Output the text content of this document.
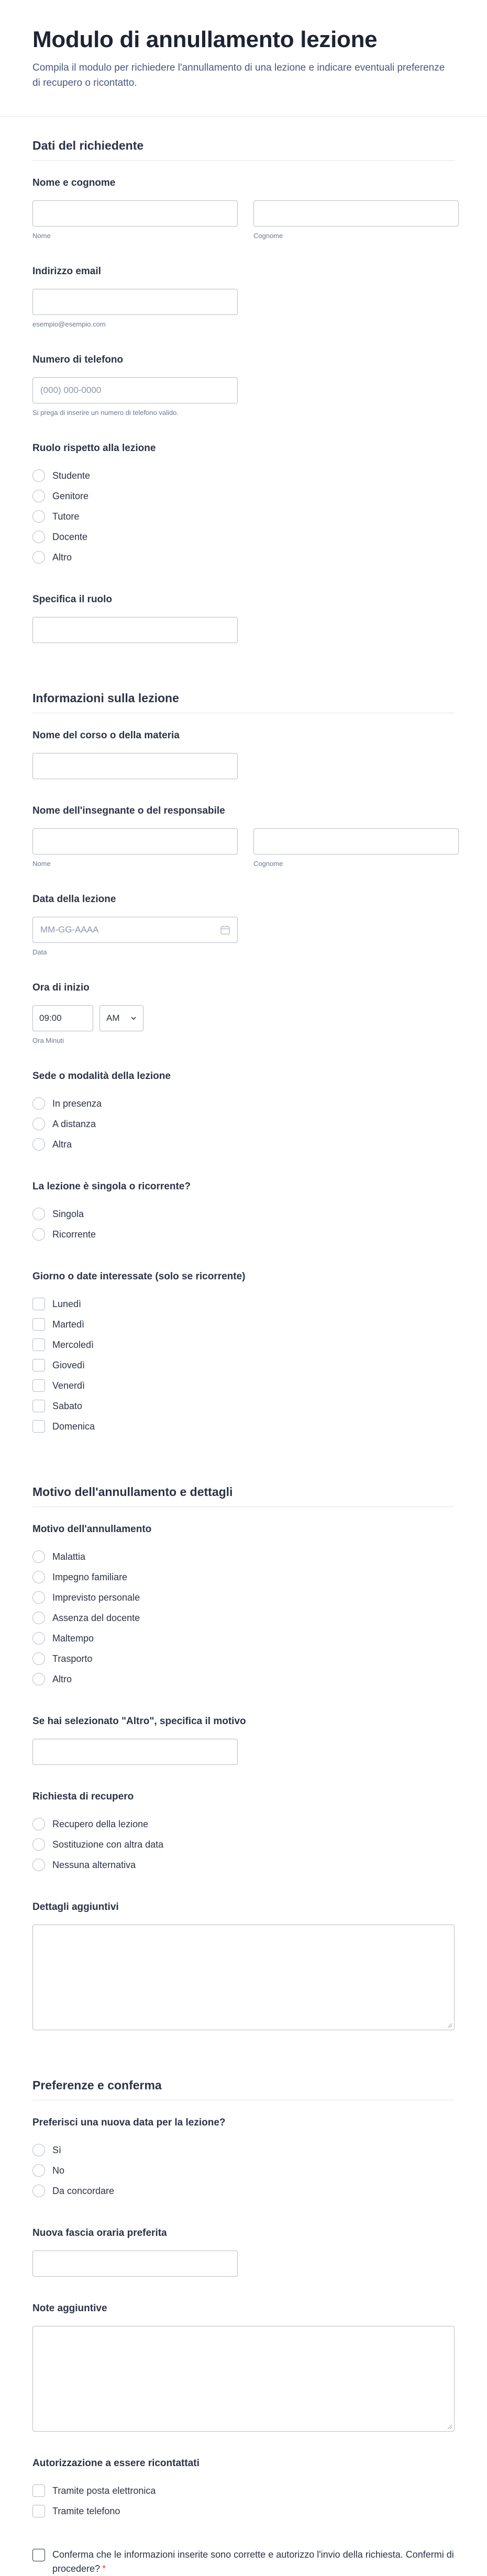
Modulo di annullamento lezione

Compila il modulo per richiedere l'annullamento di una lezione e indicare eventuali preferenze di recupero o ricontatto.

Dati del richiedente
Nome e cognome
Nome	Cognome
Indirizzo email
esempio@esempio.com
Numero di telefono
(000) 000-0000
Si prega di inserire un numero di telefono valido.
Ruolo rispetto alla lezione
Studente
Genitore
Tutore
Docente
Altro
Specifica il ruolo
Informazioni sulla lezione
Nome del corso o della materia
Nome dell'insegnante o del responsabile
Nome	Cognome
Data della lezione
MM-GG-AAAA
Data
Ora di inizio
09:00	AM
Ora Minuti
Sede o modalità della lezione
In presenza
A distanza
Altra
La lezione è singola o ricorrente?
Singola
Ricorrente
Giorno o date interessate (solo se ricorrente)
Lunedì
Martedì
Mercoledì
Giovedì
Venerdì
Sabato
Domenica
Motivo dell'annullamento e dettagli
Motivo dell'annullamento
Malattia
Impegno familiare
Imprevisto personale
Assenza del docente
Maltempo
Trasporto
Altro
Se hai selezionato "Altro", specifica il motivo
Richiesta di recupero
Recupero della lezione
Sostituzione con altra data
Nessuna alternativa
Dettagli aggiuntivi
Preferenze e conferma
Preferisci una nuova data per la lezione?
Sì
No
Da concordare
Nuova fascia oraria preferita
Note aggiuntive
Autorizzazione a essere ricontattati
Tramite posta elettronica
Tramite telefono
Conferma che le informazioni inserite sono corrette e autorizzo l'invio della richiesta. Confermi di procedere? *
